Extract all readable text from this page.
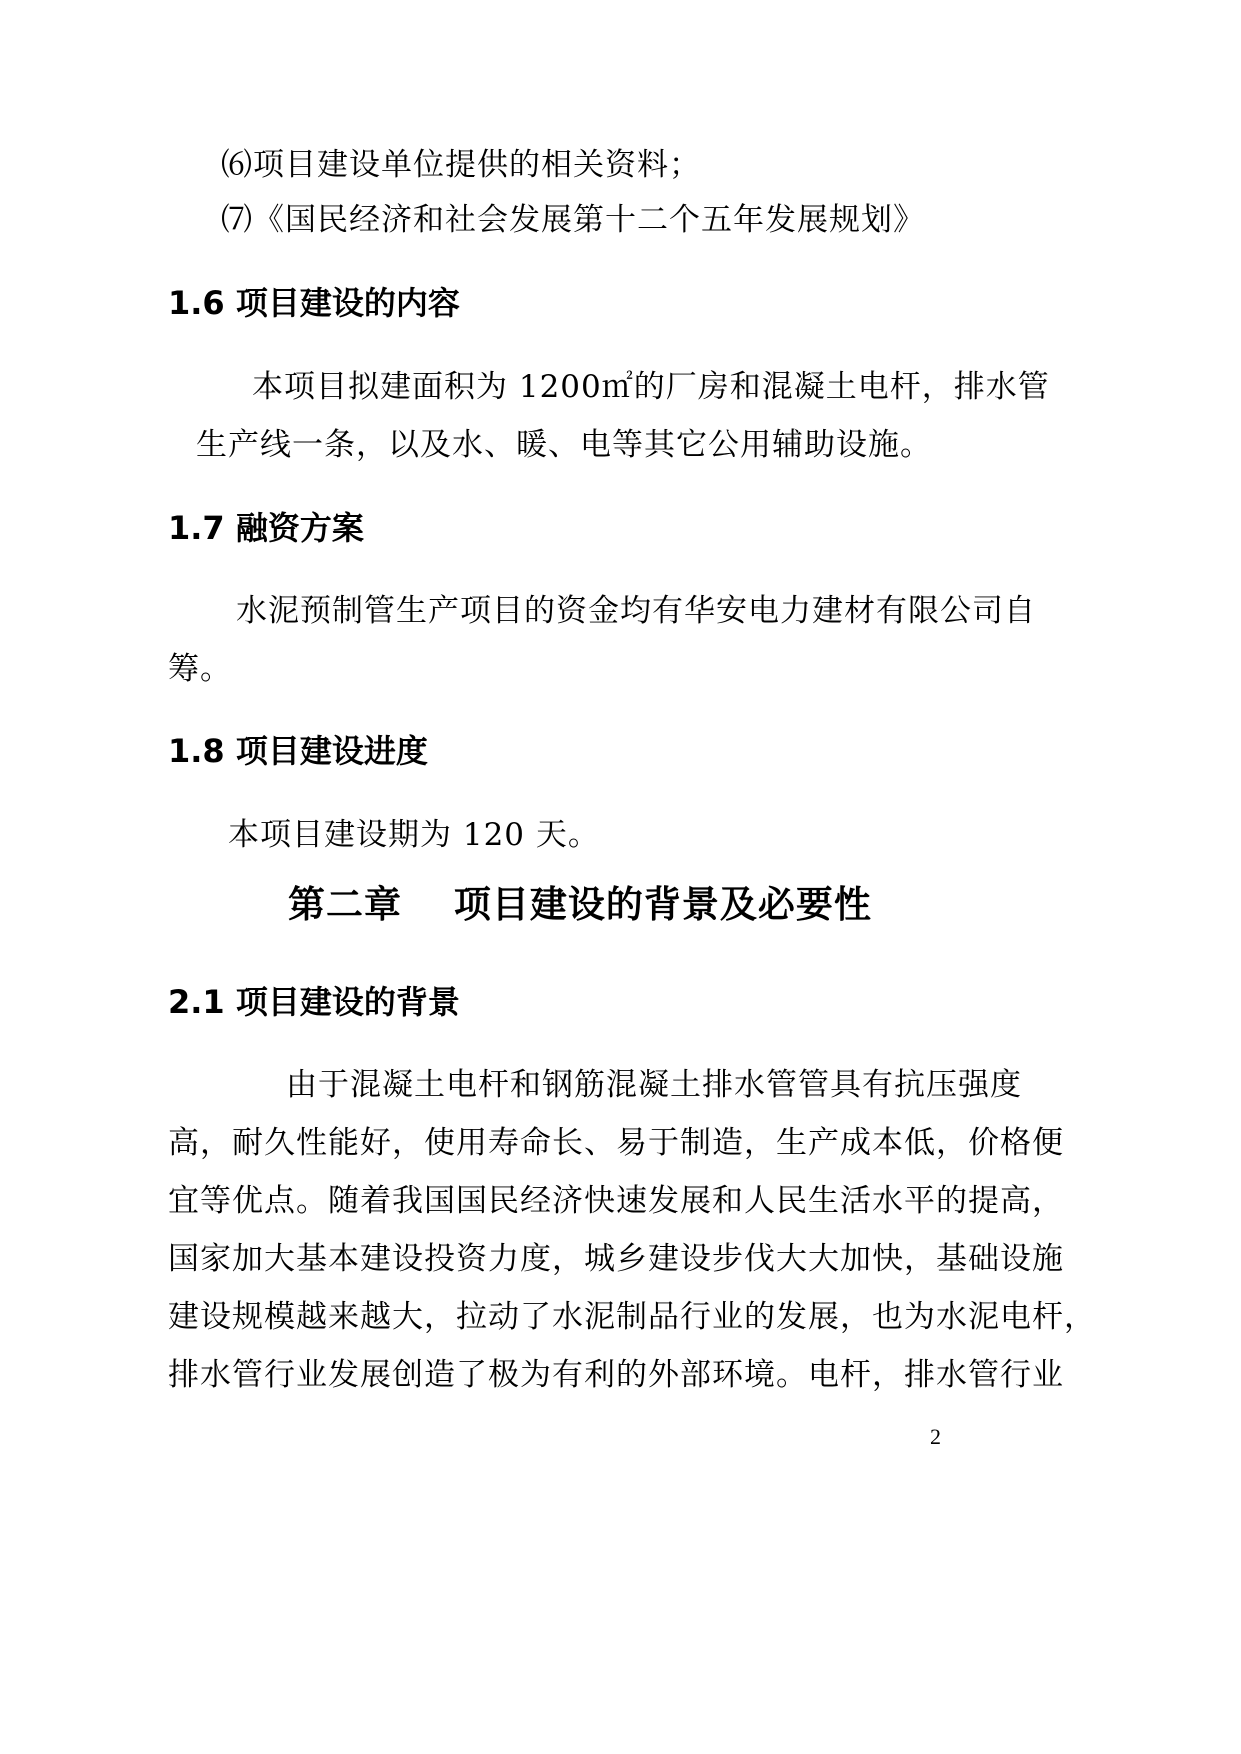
⑹项目建设单位提供的相关资料；
⑺《国民经济和社会发展第十二个五年发展规划》
1.6 项目建设的内容
本项目拟建面积为 1200㎡的厂房和混凝土电杆，排水管
生产线一条，以及水、暖、电等其它公用辅助设施。
1.7 融资方案
水泥预制管生产项目的资金均有华安电力建材有限公司自
筹。
1.8 项目建设进度
本项目建设期为 120 天。
第二章　 项目建设的背景及必要性
2.1 项目建设的背景
由于混凝土电杆和钢筋混凝土排水管管具有抗压强度
高，耐久性能好，使用寿命长、易于制造，生产成本低，价格便
宜等优点。随着我国国民经济快速发展和人民生活水平的提高，
国家加大基本建设投资力度，城乡建设步伐大大加快，基础设施
建设规模越来越大，拉动了水泥制品行业的发展，也为水泥电杆，
排水管行业发展创造了极为有利的外部环境。电杆，排水管行业
2
